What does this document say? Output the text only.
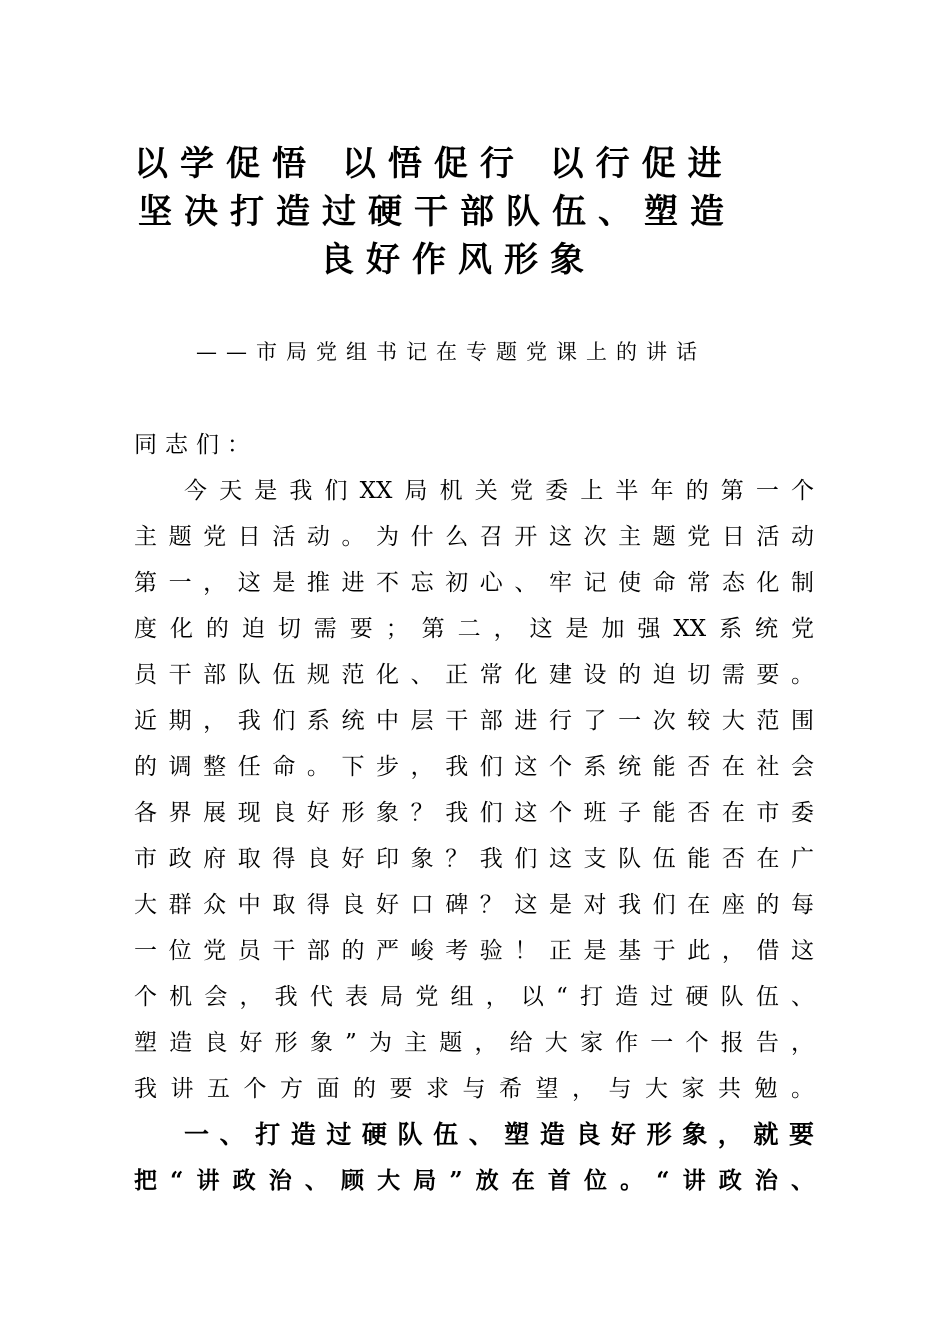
以学促悟 以悟促行 以行促进
坚决打造过硬干部队伍、塑造
良好作风形象
——市局党组书记在专题党课上的讲话
同志们：
今天是我们XX局机关党委上半年的第一个
主题党日活动。为什么召开这次主题党日活动
第一，这是推进不忘初心、牢记使命常态化制
度化的迫切需要；第二，这是加强XX系统党
员干部队伍规范化、正常化建设的迫切需要。
近期，我们系统中层干部进行了一次较大范围
的调整任命。下步，我们这个系统能否在社会
各界展现良好形象？我们这个班子能否在市委
市政府取得良好印象？我们这支队伍能否在广
大群众中取得良好口碑？这是对我们在座的每
一位党员干部的严峻考验！正是基于此，借这
个机会，我代表局党组，以“打造过硬队伍、
塑造良好形象”为主题，给大家作一个报告，
我讲五个方面的要求与希望，与大家共勉。
一、打造过硬队伍、塑造良好形象，就要
把“讲政治、顾大局”放在首位。“讲政治、
